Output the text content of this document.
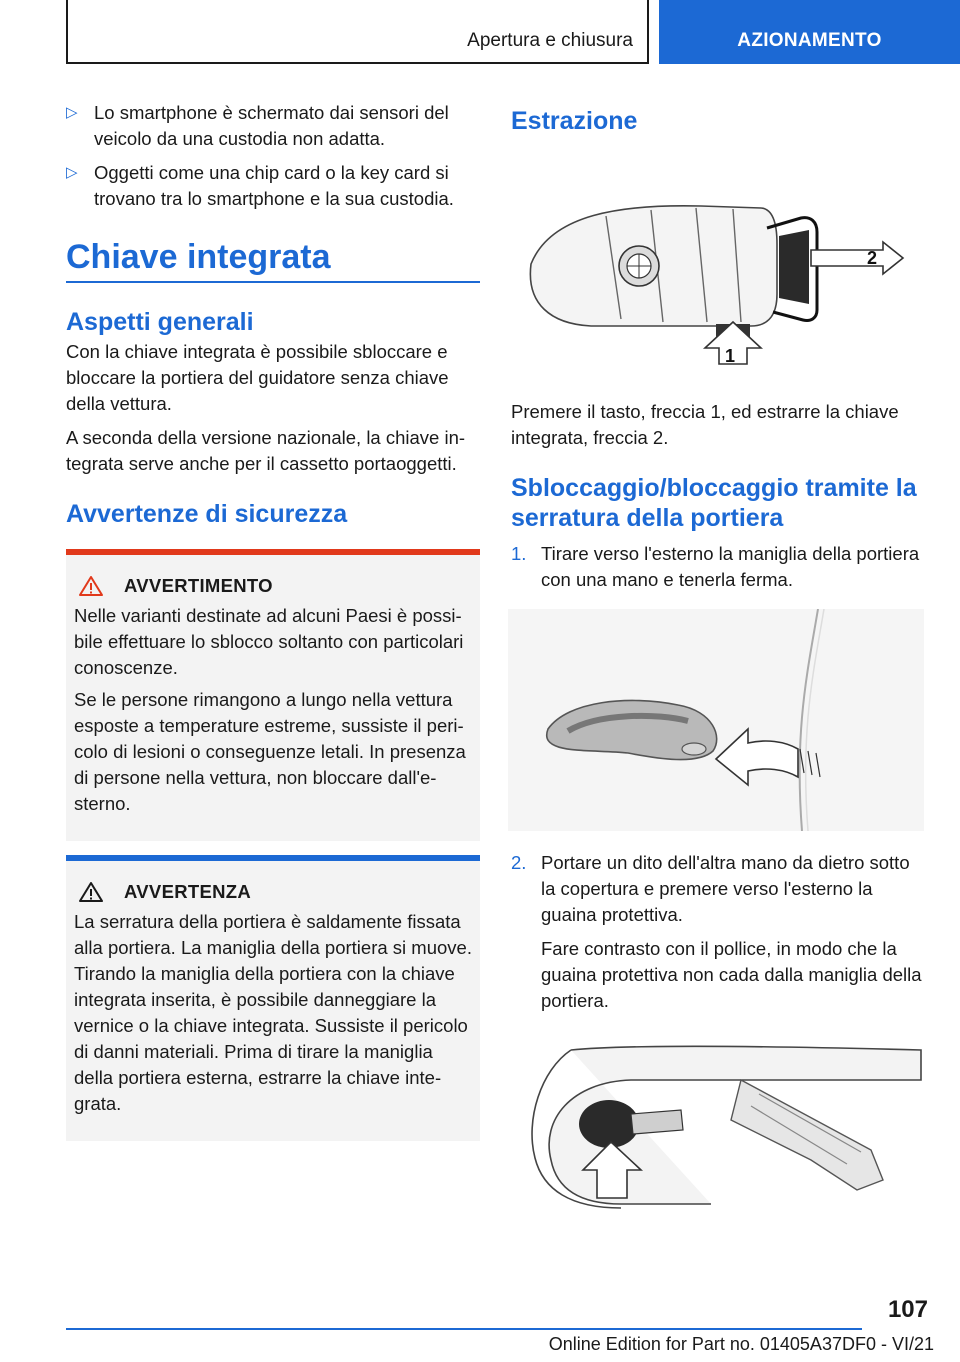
Apertura e chiusura	AZIONAMENTO
▷ Lo smartphone è schermato dai sensori del veicolo da una custodia non adatta.
▷ Oggetti come una chip card o la key card si trovano tra lo smartphone e la sua custodia.
Chiave integrata
Aspetti generali

Con la chiave integrata è possibile sbloccare e bloccare la portiera del guidatore senza chiave della vettura.

A seconda della versione nazionale, la chiave integrata serve anche per il cassetto portaoggetti.

Avvertenze di sicurezza
AVVERTIMENTO

Nelle varianti destinate ad alcuni Paesi è possibile effettuare lo sblocco soltanto con particolari conoscenze.

Se le persone rimangono a lungo nella vettura esposte a temperature estreme, sussiste il pericolo di lesioni o conseguenze letali. In presenza di persone nella vettura, non bloccare dall'esterno.

AVVERTENZA

La serratura della portiera è saldamente fissata alla portiera. La maniglia della portiera si muove. Tirando la maniglia della portiera con la chiave integrata inserita, è possibile danneggiare la vernice o la chiave integrata. Sussiste il pericolo di danni materiali. Prima di tirare la maniglia della portiera esterna, estrarre la chiave integrata.

Estrazione
2
1

Premere il tasto, freccia 1, ed estrarre la chiave integrata, freccia 2.

Sbloccaggio/bloccaggio tramite la serratura della portiera
1. Tirare verso l'esterno la maniglia della portiera con una mano e tenerla ferma.
2. Portare un dito dell'altra mano da dietro sotto la copertura e premere verso l'esterno la guaina protettiva.
Fare contrasto con il pollice, in modo che la guaina protettiva non cada dalla maniglia della portiera.
107
Online Edition for Part no. 01405A37DF0 - VI/21
